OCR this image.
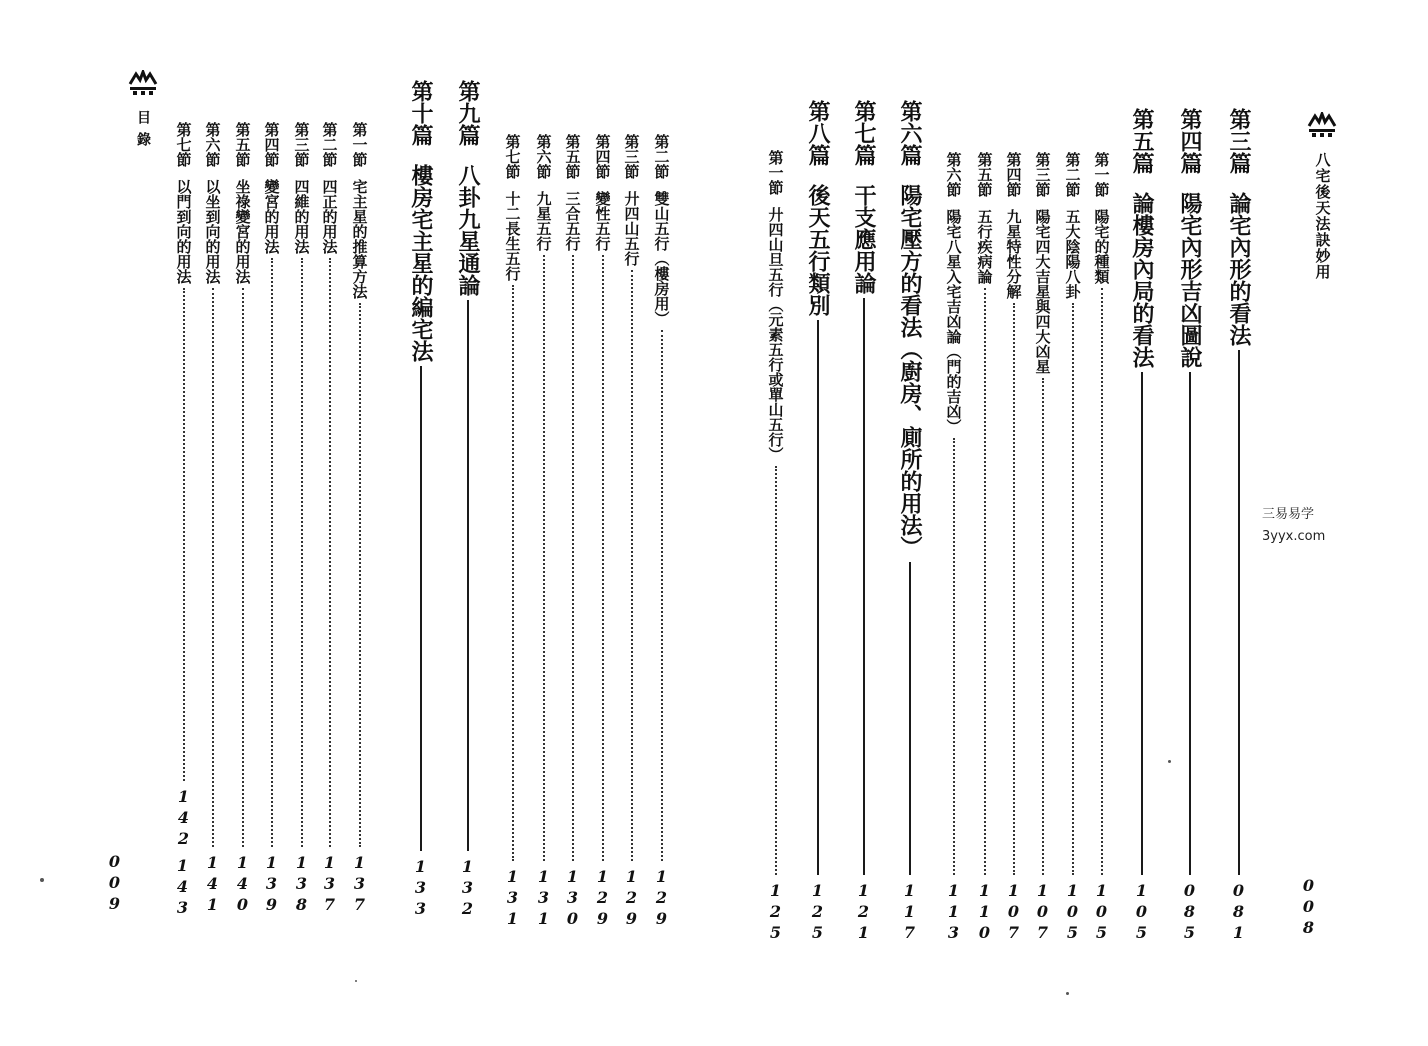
八宅後天法訣妙用
第三篇
論宅內形的看法
081
第四篇
陽宅內形吉凶圖說
085
第五篇
論樓房內局的看法
105
第一節
陽宅的種類
105
第二節
五大陰陽八卦
105
第三節
陽宅四大吉星與四大凶星
107
第四節
九星特性分解
107
第五節
五行疾病論
110
第六節
陽宅八星入宅吉凶論（門的吉凶）
113
第六篇
陽宅壓方的看法（廚房、廁所的用法）
117
第七篇
干支應用論
121
第八篇
後天五行類別
125
第一節
廾四山旦五行（元素五行或單山五行）
125	008
目錄
第二節
雙山五行（樓房用）
129
第三節
廾四山五行
129
第四節
變性五行
129
第五節
三合五行
130
第六節
九星五行
131
第七節
十二長生五行
131
第九篇
八卦九星通論
132
第十篇
樓房宅主星的編宅法
133
第一節
宅主星的推算方法
137
第二節
四正的用法
137
第三節
四維的用法
138
第四節
變宮的用法
139
第五節
坐祿變宮的用法
140
第六節
以坐到向的用法
141
第七節
以門到向的用法
142
143
009
三易易学
3yyx.com
